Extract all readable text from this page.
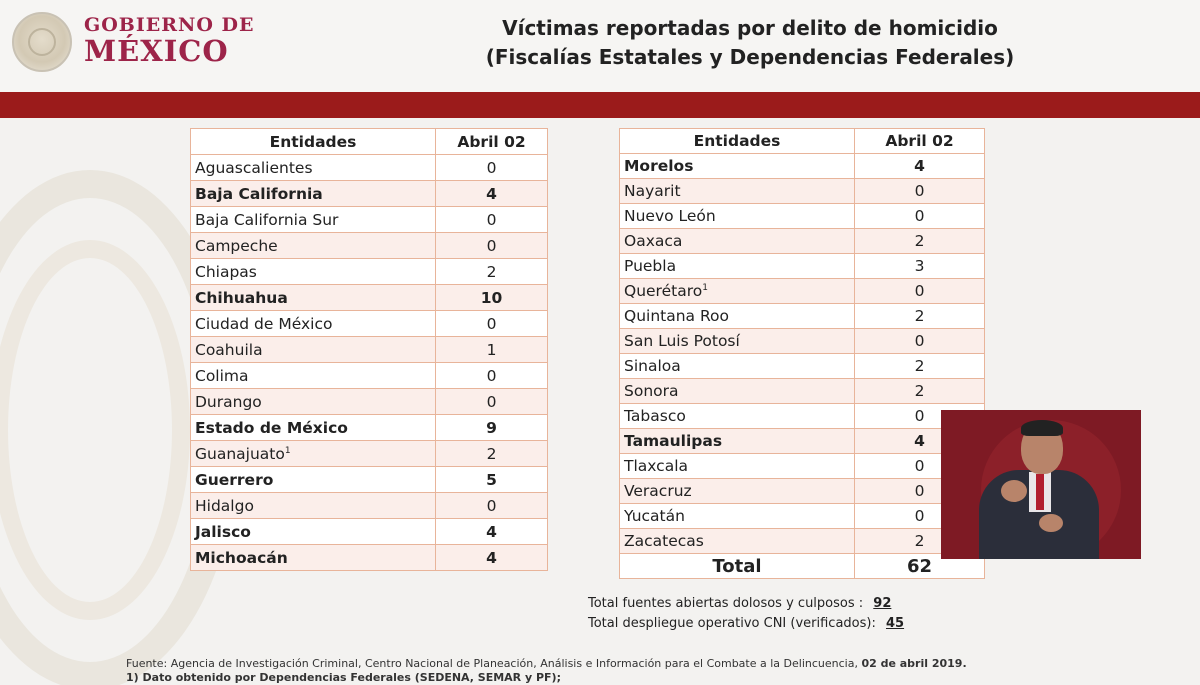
GOBIERNO DE
MÉXICO
Víctimas reportadas por delito de homicidio
(Fiscalías Estatales y Dependencias Federales)
Entidades	Abril 02
Aguascalientes	0
Baja California	4
Baja California Sur	0
Campeche	0
Chiapas	2
Chihuahua	10
Ciudad de México	0
Coahuila	1
Colima	0
Durango	0
Estado de México	9
Guanajuato$^1$	2
Guerrero	5
Hidalgo	0
Jalisco	4
Michoacán	4
Entidades	Abril 02
Morelos	4
Nayarit	0
Nuevo León	0
Oaxaca	2
Puebla	3
Querétaro$^1$	0
Quintana Roo	2
San Luis Potosí	0
Sinaloa	2
Sonora	2
Tabasco	0
Tamaulipas	4
Tlaxcala	0
Veracruz	0
Yucatán	0
Zacatecas	2
Total	62
Total fuentes abiertas dolosos y culposos : 92
Total despliegue operativo CNI (verificados): 45
Fuente: Agencia de Investigación Criminal, Centro Nacional de Planeación, Análisis e Información para el Combate a la Delincuencia, 02 de abril 2019.
1) Dato obtenido por Dependencias Federales (SEDENA, SEMAR y PF);
